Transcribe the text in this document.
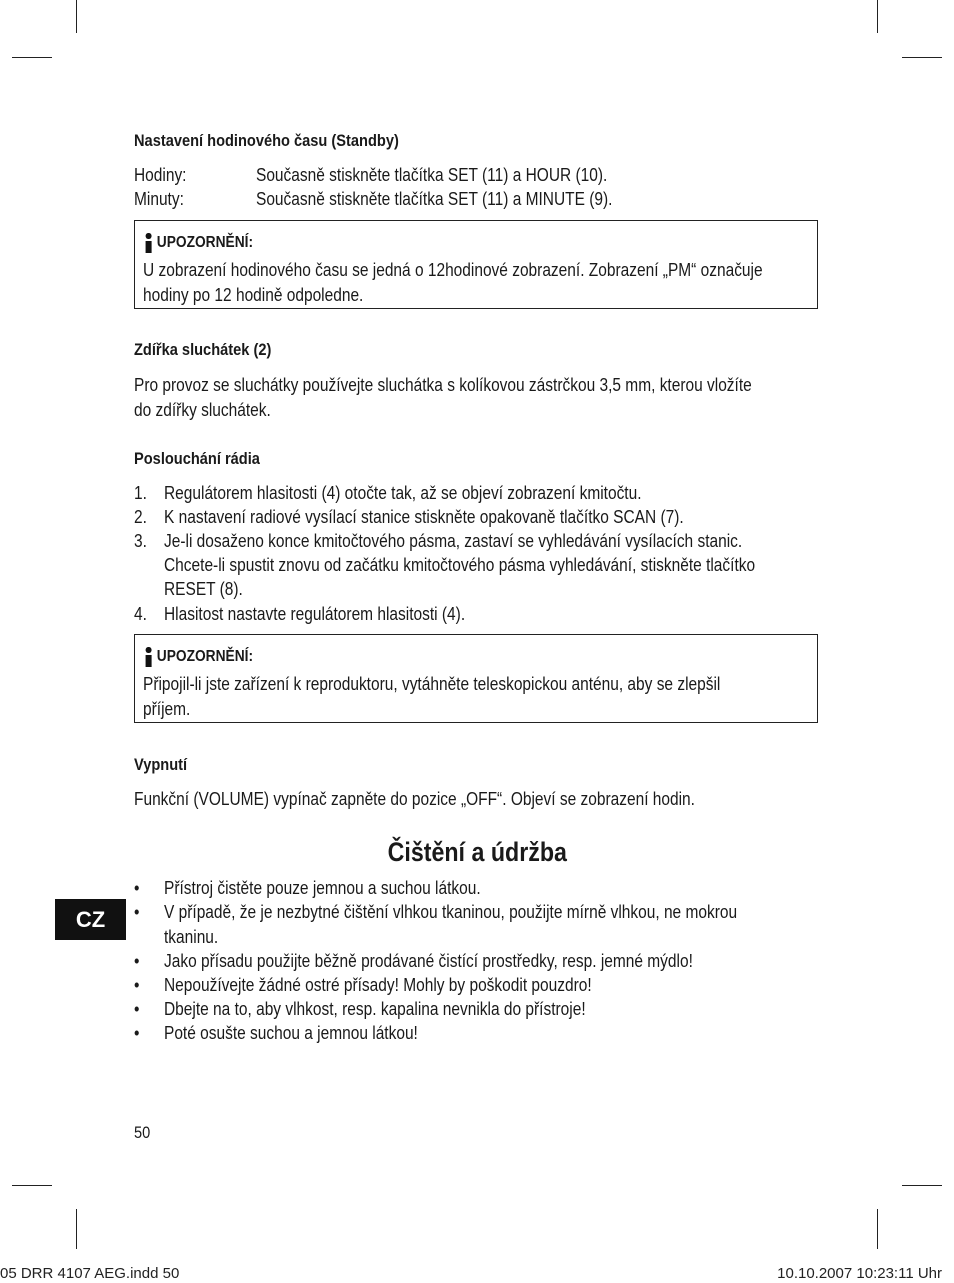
Nastavení hodinového času (Standby)
Hodiny:	Současně stiskněte tlačítka SET (11) a HOUR (10).
Minuty:	Současně stiskněte tlačítka SET (11) a MINUTE (9).
UPOZORNĚNÍ:
U zobrazení hodinového času se jedná o 12hodinové zobrazení. Zobrazení „PM“ označuje
hodiny po 12 hodině odpoledne.
Zdířka sluchátek (2)
Pro provoz se sluchátky používejte sluchátka s kolíkovou zástrčkou 3,5 mm, kterou vložíte
do zdířky sluchátek.
Poslouchání rádia
1. Regulátorem hlasitosti (4) otočte tak, až se objeví zobrazení kmitočtu.
2. K nastavení radiové vysílací stanice stiskněte opakovaně tlačítko SCAN (7).
3. Je-li dosaženo konce kmitočtového pásma, zastaví se vyhledávání vysílacích stanic.
Chcete-li spustit znovu od začátku kmitočtového pásma vyhledávání, stiskněte tlačítko
RESET (8).
4. Hlasitost nastavte regulátorem hlasitosti (4).
UPOZORNĚNÍ:
Připojil-li jste zařízení k reproduktoru, vytáhněte teleskopickou anténu, aby se zlepšil
příjem.
Vypnutí
Funkční (VOLUME) vypínač zapněte do pozice „OFF“. Objeví se zobrazení hodin.
Čištění a údržba
• Přístroj čistěte pouze jemnou a suchou látkou.
• V případě, že je nezbytné čištění vlhkou tkaninou, použijte mírně vlhkou, ne mokrou
tkaninu.
• Jako přísadu použijte běžně prodávané čistící prostředky, resp. jemné mýdlo!
• Nepoužívejte žádné ostré přísady! Mohly by poškodit pouzdro!
• Dbejte na to, aby vlhkost, resp. kapalina nevnikla do přístroje!
• Poté osušte suchou a jemnou látkou!
CZ
50
05 DRR 4107 AEG.indd 50	10.10.2007 10:23:11 Uhr
